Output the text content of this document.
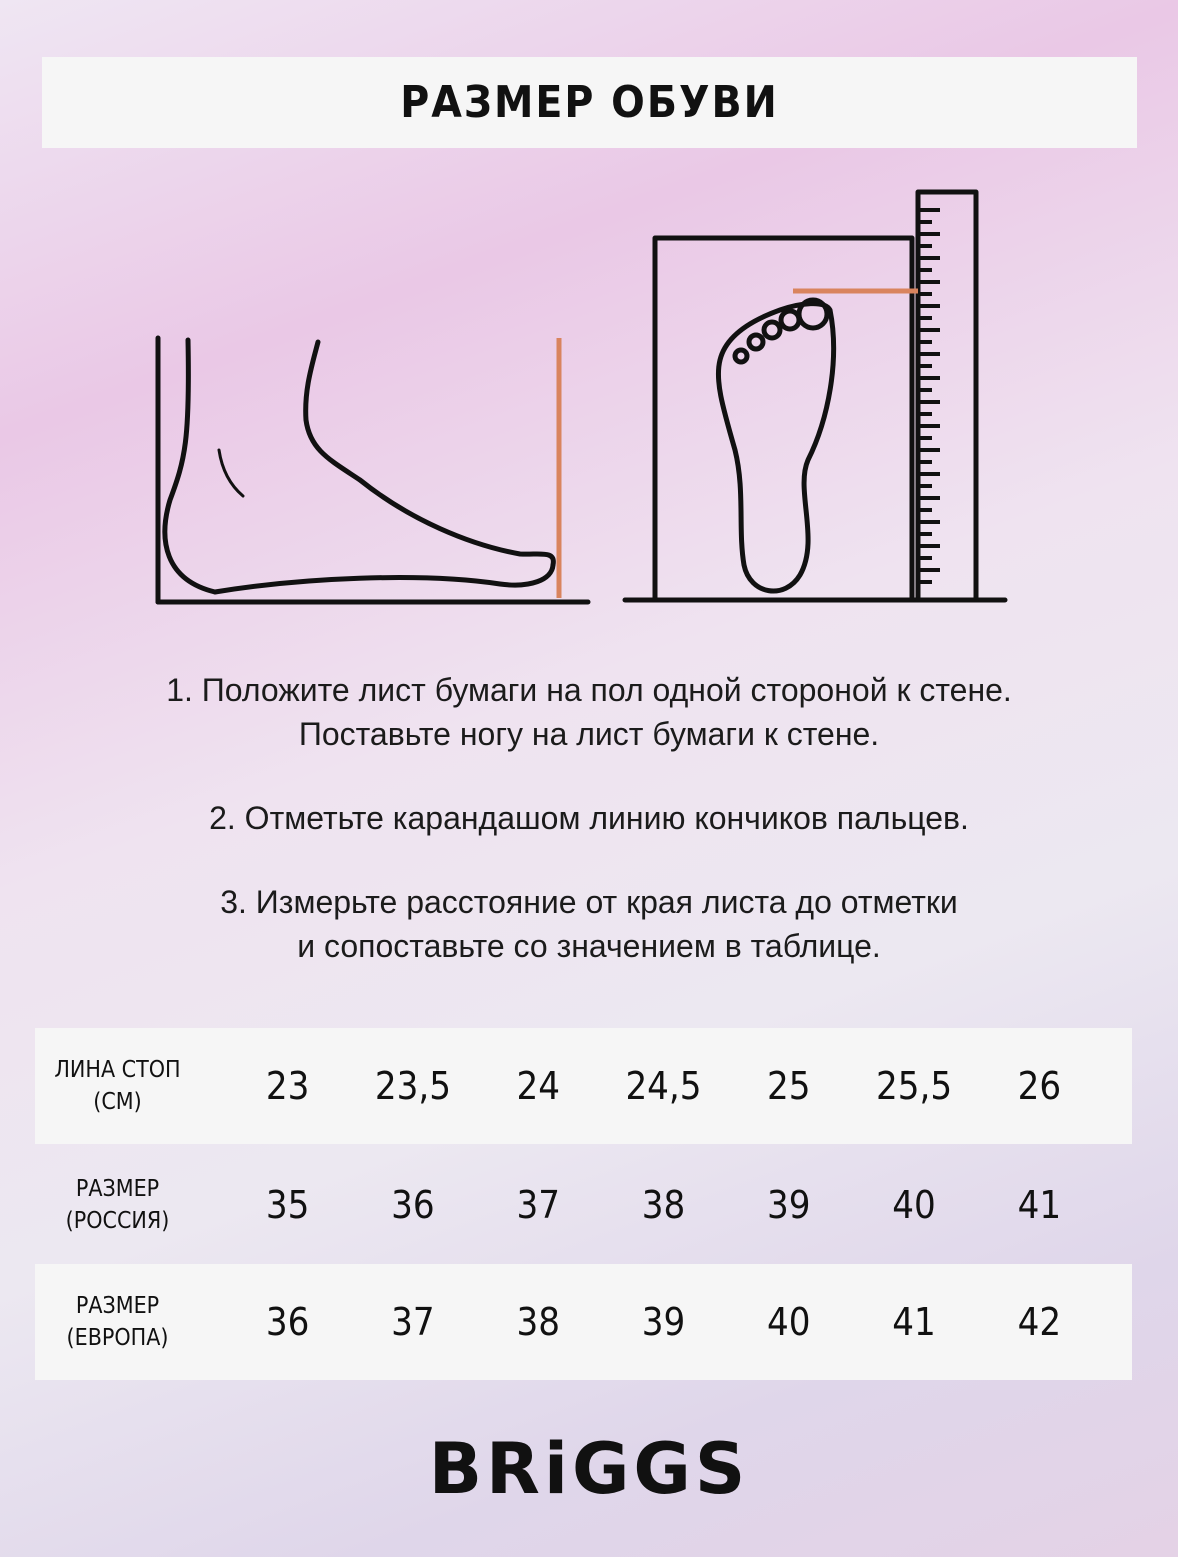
РАЗМЕР ОБУВИ

1. Положите лист бумаги на пол одной стороной к стене.
Поставьте ногу на лист бумаги к стене.

2. Отметьте карандашом линию кончиков пальцев.

3. Измерьте расстояние от края листа до отметки
и сопоставьте со значением в таблице.

ЛИНА СТОП
(СМ)	23	23,5	24	24,5	25	25,5	26
РАЗМЕР
(РОССИЯ)	35	36	37	38	39	40	41
РАЗМЕР
(ЕВРОПА)	36	37	38	39	40	41	42
BRiGGS
